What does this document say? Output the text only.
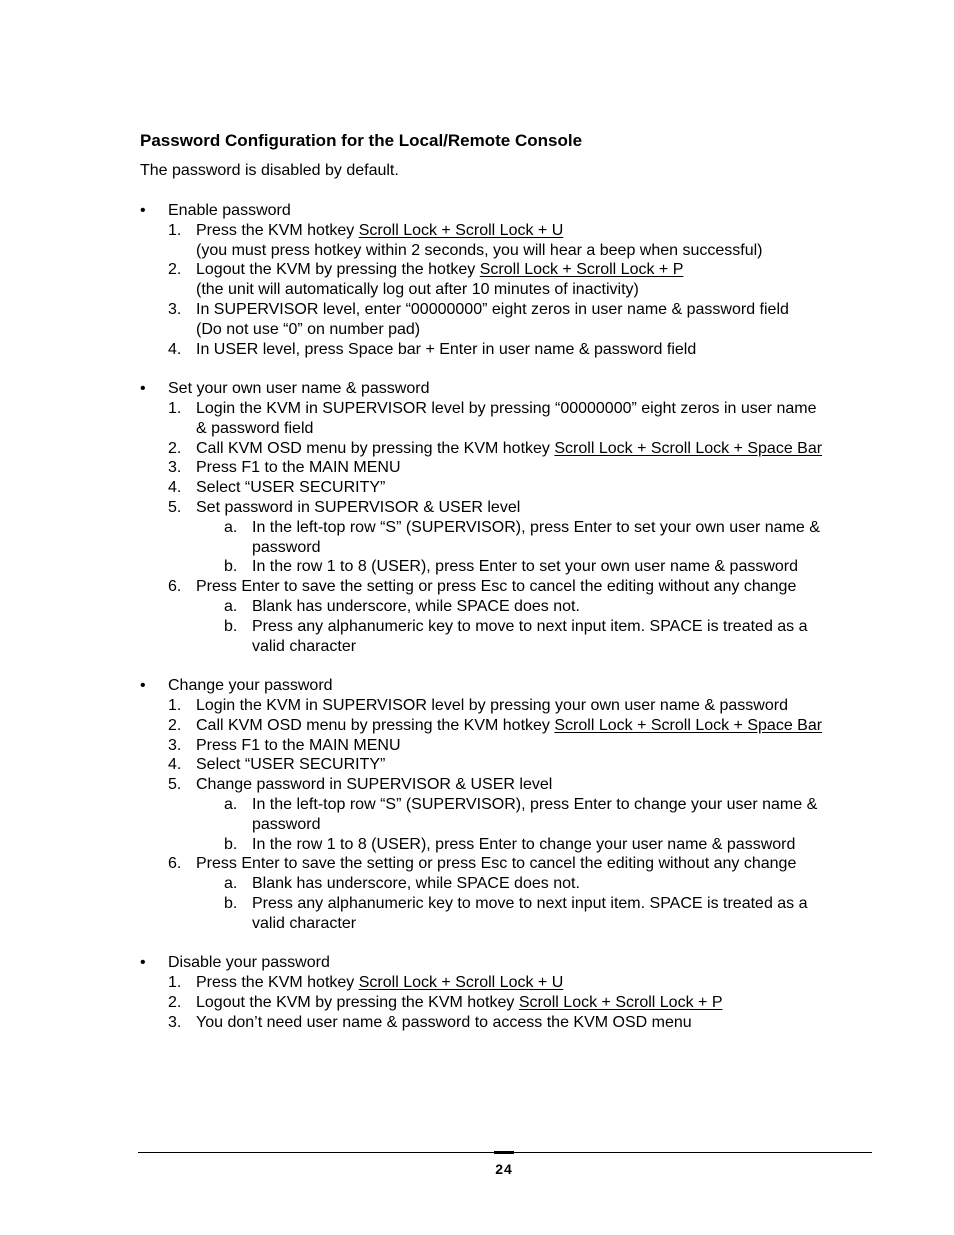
Password Configuration for the Local/Remote Console

The password is disabled by default.

• Enable password
1. Press the KVM hotkey Scroll Lock + Scroll Lock + U
(you must press hotkey within 2 seconds, you will hear a beep when successful)
2. Logout the KVM by pressing the hotkey Scroll Lock + Scroll Lock + P
(the unit will automatically log out after 10 minutes of inactivity)
3. In SUPERVISOR level, enter “00000000” eight zeros in user name & password field
(Do not use “0” on number pad)
4. In USER level, press Space bar + Enter in user name & password field
• Set your own user name & password
1. Login the KVM in SUPERVISOR level by pressing “00000000” eight zeros in user name
& password field
2. Call KVM OSD menu by pressing the KVM hotkey Scroll Lock + Scroll Lock + Space Bar
3. Press F1 to the MAIN MENU
4. Select “USER SECURITY”
5. Set password in SUPERVISOR & USER level
a. In the left-top row “S” (SUPERVISOR), press Enter to set your own user name &
password
b. In the row 1 to 8 (USER), press Enter to set your own user name & password
6. Press Enter to save the setting or press Esc to cancel the editing without any change
a. Blank has underscore, while SPACE does not.
b. Press any alphanumeric key to move to next input item. SPACE is treated as a
valid character
• Change your password
1. Login the KVM in SUPERVISOR level by pressing your own user name & password
2. Call KVM OSD menu by pressing the KVM hotkey Scroll Lock + Scroll Lock + Space Bar
3. Press F1 to the MAIN MENU
4. Select “USER SECURITY”
5. Change password in SUPERVISOR & USER level
a. In the left-top row “S” (SUPERVISOR), press Enter to change your user name &
password
b. In the row 1 to 8 (USER), press Enter to change your user name & password
6. Press Enter to save the setting or press Esc to cancel the editing without any change
a. Blank has underscore, while SPACE does not.
b. Press any alphanumeric key to move to next input item. SPACE is treated as a
valid character
• Disable your password
1. Press the KVM hotkey Scroll Lock + Scroll Lock + U
2. Logout the KVM by pressing the KVM hotkey Scroll Lock + Scroll Lock + P
3. You don’t need user name & password to access the KVM OSD menu
24
